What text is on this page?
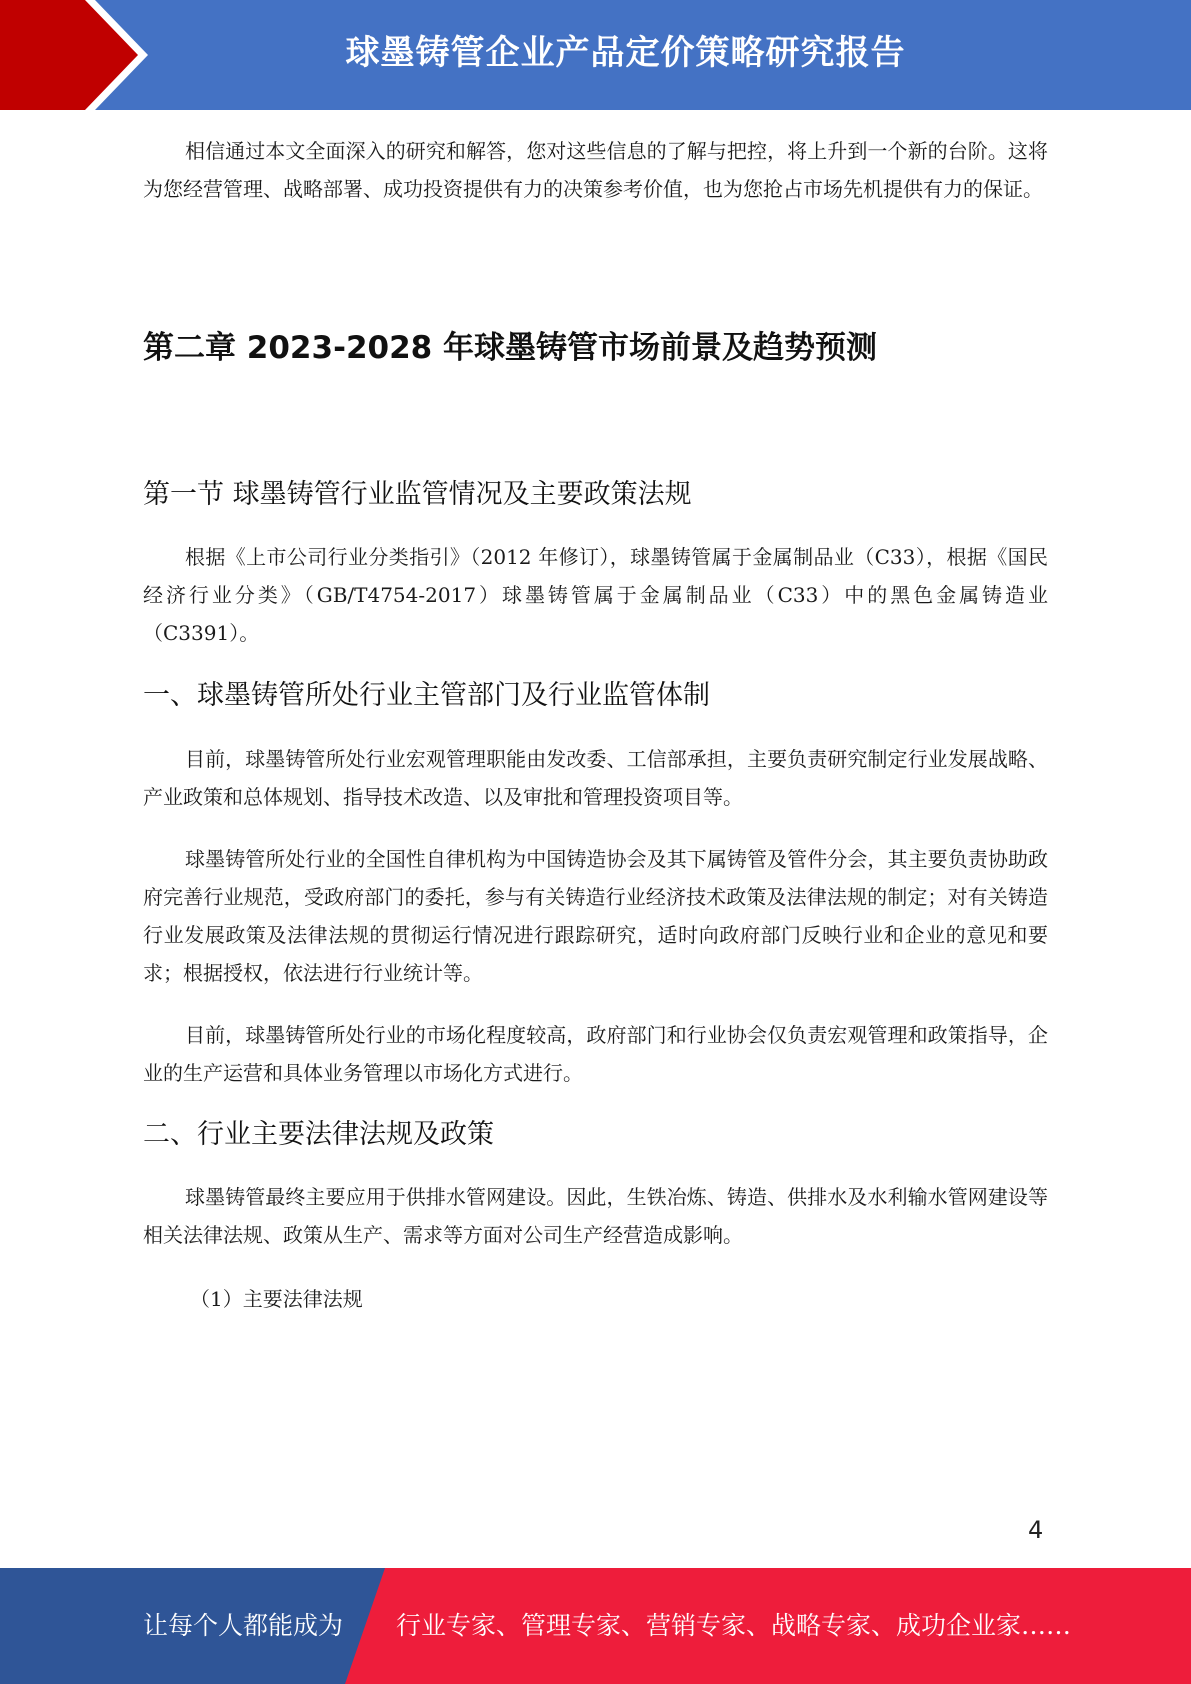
球墨铸管企业产品定价策略研究报告

相信通过本文全面深入的研究和解答，您对这些信息的了解与把控，将上升到一个新的台阶。这将为您经营管理、战略部署、成功投资提供有力的决策参考价值，也为您抢占市场先机提供有力的保证。

第二章 2023-2028 年球墨铸管市场前景及趋势预测
第一节 球墨铸管行业监管情况及主要政策法规

根据《上市公司行业分类指引》（2012 年修订），球墨铸管属于金属制品业（C33），根据《国民经济行业分类》（GB/T4754-2017）球墨铸管属于金属制品业（C33）中的黑色金属铸造业（C3391）。

一、球墨铸管所处行业主管部门及行业监管体制

目前，球墨铸管所处行业宏观管理职能由发改委、工信部承担，主要负责研究制定行业发展战略、产业政策和总体规划、指导技术改造、以及审批和管理投资项目等。

球墨铸管所处行业的全国性自律机构为中国铸造协会及其下属铸管及管件分会，其主要负责协助政府完善行业规范，受政府部门的委托，参与有关铸造行业经济技术政策及法律法规的制定；对有关铸造行业发展政策及法律法规的贯彻运行情况进行跟踪研究，适时向政府部门反映行业和企业的意见和要求；根据授权，依法进行行业统计等。

目前，球墨铸管所处行业的市场化程度较高，政府部门和行业协会仅负责宏观管理和政策指导，企业的生产运营和具体业务管理以市场化方式进行。

二、行业主要法律法规及政策

球墨铸管最终主要应用于供排水管网建设。因此，生铁冶炼、铸造、供排水及水利输水管网建设等相关法律法规、政策从生产、需求等方面对公司生产经营造成影响。

（1）主要法律法规
4
让每个人都能成为 行业专家、管理专家、营销专家、战略专家、成功企业家……
